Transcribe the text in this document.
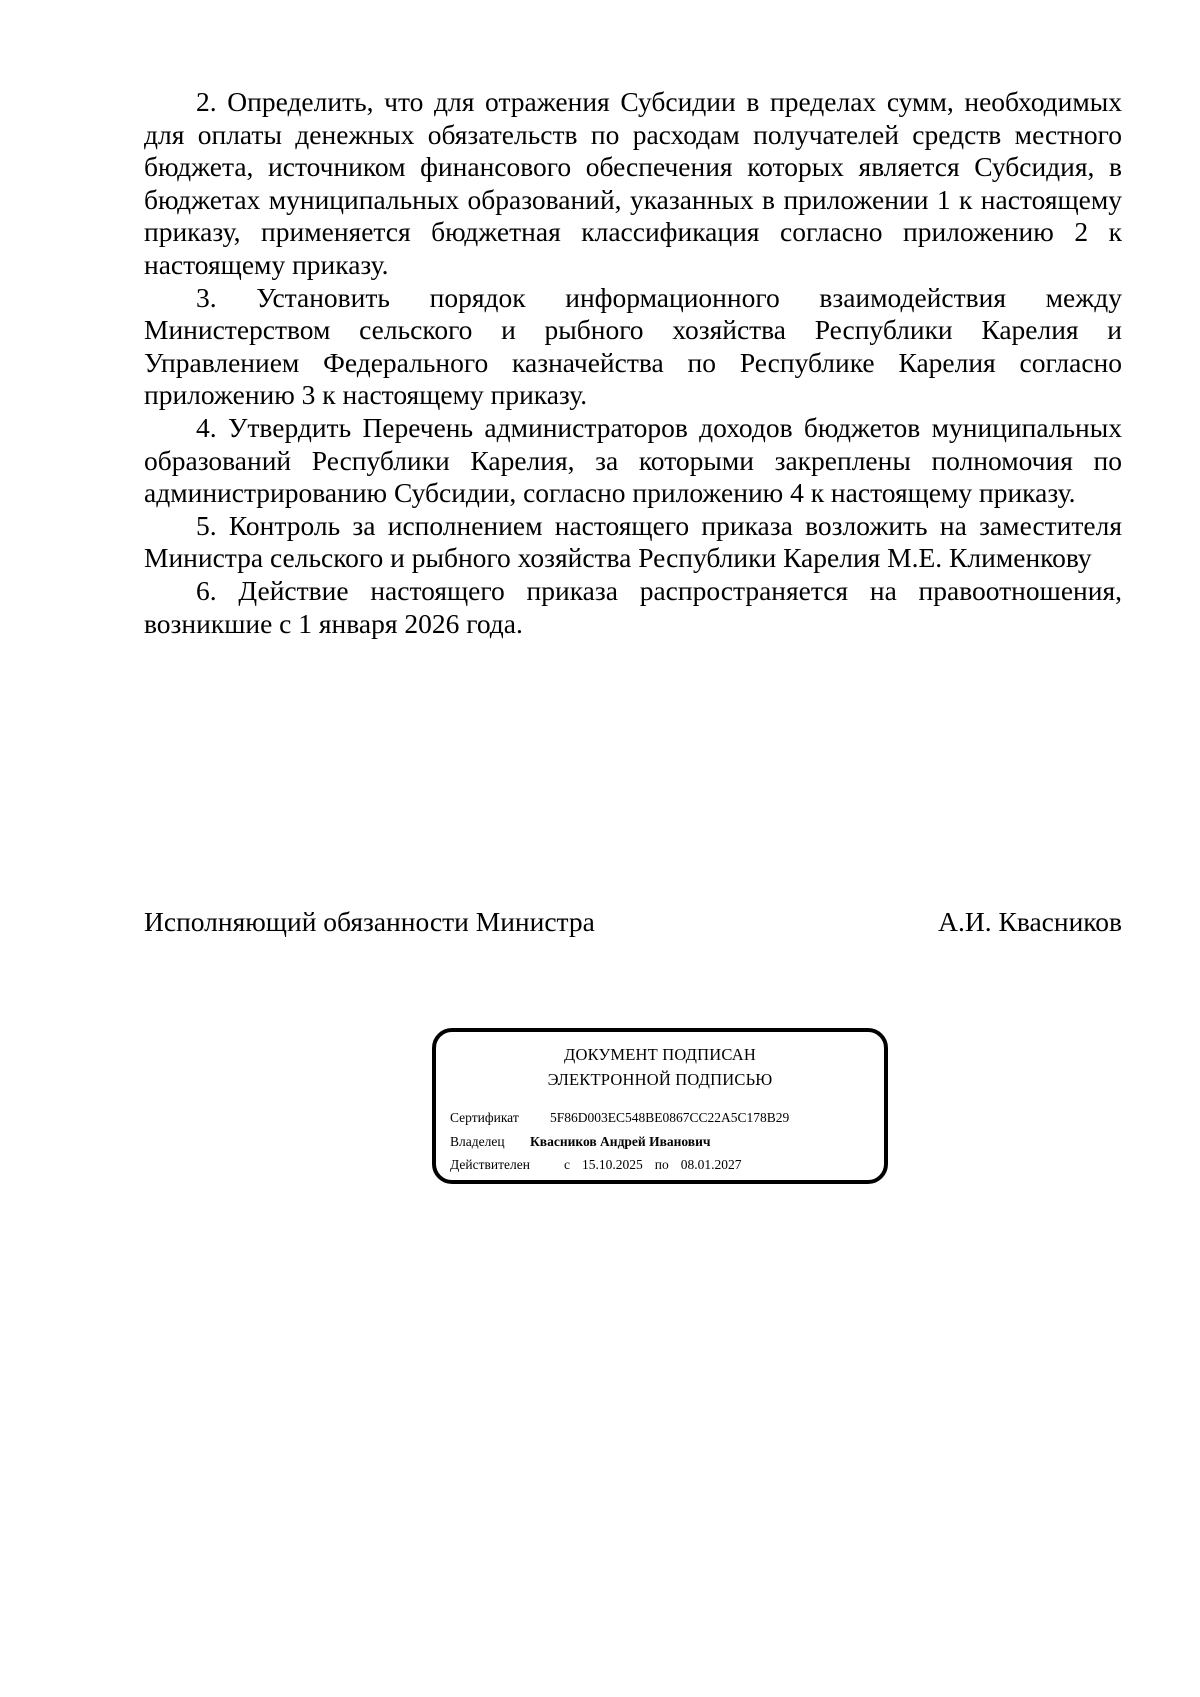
2. Определить, что для отражения Субсидии в пределах сумм, необходимых для оплаты денежных обязательств по расходам получателей средств местного бюджета, источником финансового обеспечения которых является Субсидия, в бюджетах муниципальных образований, указанных в приложении 1 к настоящему приказу, применяется бюджетная классификация согласно приложению 2 к настоящему приказу.

3. Установить порядок информационного взаимодействия между Министерством сельского и рыбного хозяйства Республики Карелия и Управлением Федерального казначейства по Республике Карелия согласно приложению 3 к настоящему приказу.

4. Утвердить Перечень администраторов доходов бюджетов муниципальных образований Республики Карелия, за которыми закреплены полномочия по администрированию Субсидии, согласно приложению 4 к настоящему приказу.

5. Контроль за исполнением настоящего приказа возложить на заместителя Министра сельского и рыбного хозяйства Республики Карелия М.Е. Клименкову

6. Действие настоящего приказа распространяется на правоотношения, возникшие с 1 января 2026 года.

Исполняющий обязанности Министра	А.И. Квасников
ДОКУМЕНТ ПОДПИСАН
ЭЛЕКТРОННОЙ ПОДПИСЬЮ
Сертификат 5F86D003EC548BE0867CC22A5C178B29
Владелец Квасников Андрей Иванович
Действителен	с 15.10.2025 по 08.01.2027
